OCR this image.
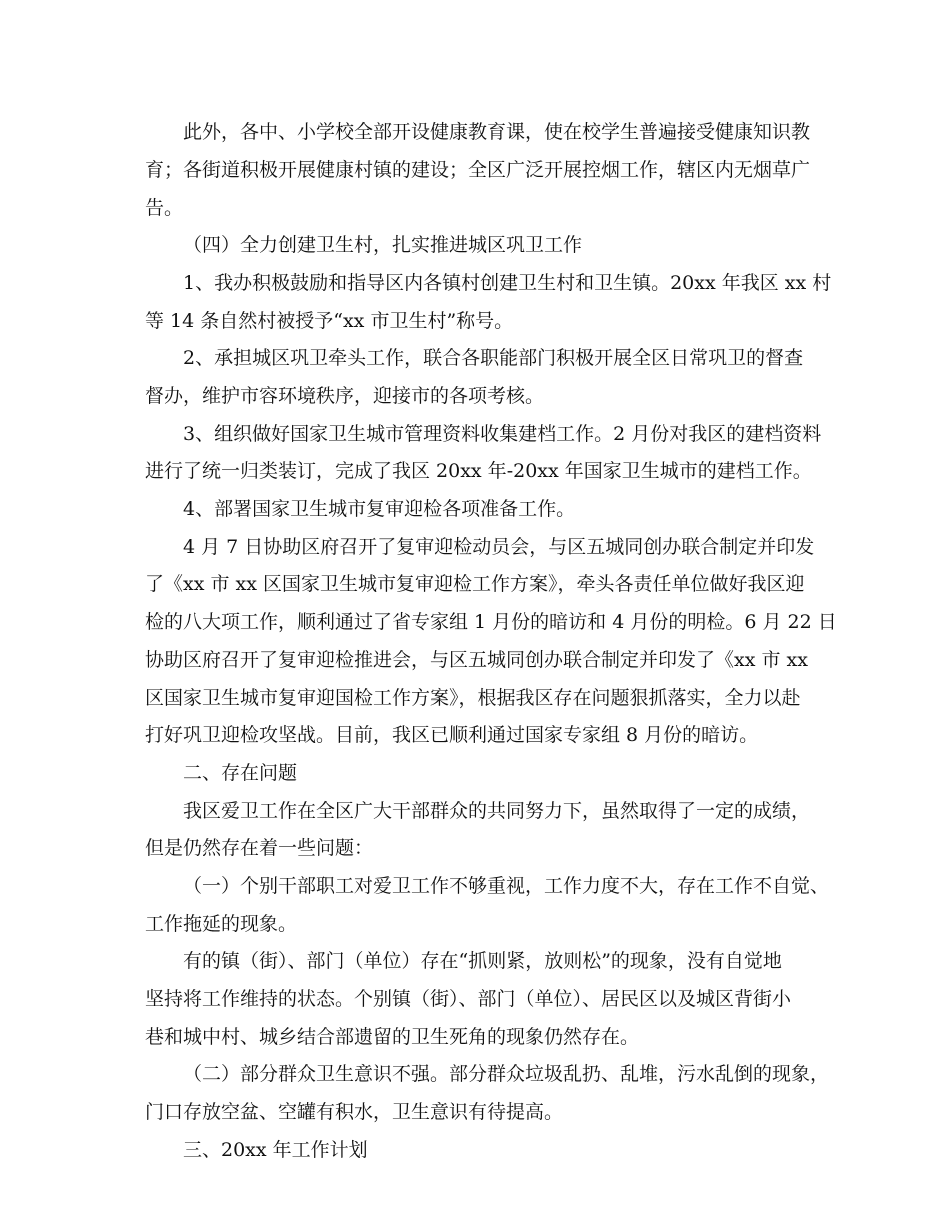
此外，各中、小学校全部开设健康教育课，使在校学生普遍接受健康知识教
育；各街道积极开展健康村镇的建设；全区广泛开展控烟工作，辖区内无烟草广
告。
（四）全力创建卫生村，扎实推进城区巩卫工作
1、我办积极鼓励和指导区内各镇村创建卫生村和卫生镇。20xx 年我区 xx 村
等 14 条自然村被授予“xx 市卫生村”称号。
2、承担城区巩卫牵头工作，联合各职能部门积极开展全区日常巩卫的督查
督办，维护市容环境秩序，迎接市的各项考核。
3、组织做好国家卫生城市管理资料收集建档工作。2 月份对我区的建档资料
进行了统一归类装订，完成了我区 20xx 年-20xx 年国家卫生城市的建档工作。
4、部署国家卫生城市复审迎检各项准备工作。
4 月 7 日协助区府召开了复审迎检动员会，与区五城同创办联合制定并印发
了《xx 市 xx 区国家卫生城市复审迎检工作方案》，牵头各责任单位做好我区迎
检的八大项工作，顺利通过了省专家组 1 月份的暗访和 4 月份的明检。6 月 22 日
协助区府召开了复审迎检推进会，与区五城同创办联合制定并印发了《xx 市 xx
区国家卫生城市复审迎国检工作方案》，根据我区存在问题狠抓落实，全力以赴
打好巩卫迎检攻坚战。目前，我区已顺利通过国家专家组 8 月份的暗访。
二、存在问题
我区爱卫工作在全区广大干部群众的共同努力下，虽然取得了一定的成绩，
但是仍然存在着一些问题：
（一）个别干部职工对爱卫工作不够重视，工作力度不大，存在工作不自觉、
工作拖延的现象。
有的镇（街）、部门（单位）存在“抓则紧，放则松”的现象，没有自觉地
坚持将工作维持的状态。个别镇（街）、部门（单位）、居民区以及城区背街小
巷和城中村、城乡结合部遗留的卫生死角的现象仍然存在。
（二）部分群众卫生意识不强。部分群众垃圾乱扔、乱堆，污水乱倒的现象，
门口存放空盆、空罐有积水，卫生意识有待提高。
三、20xx 年工作计划
